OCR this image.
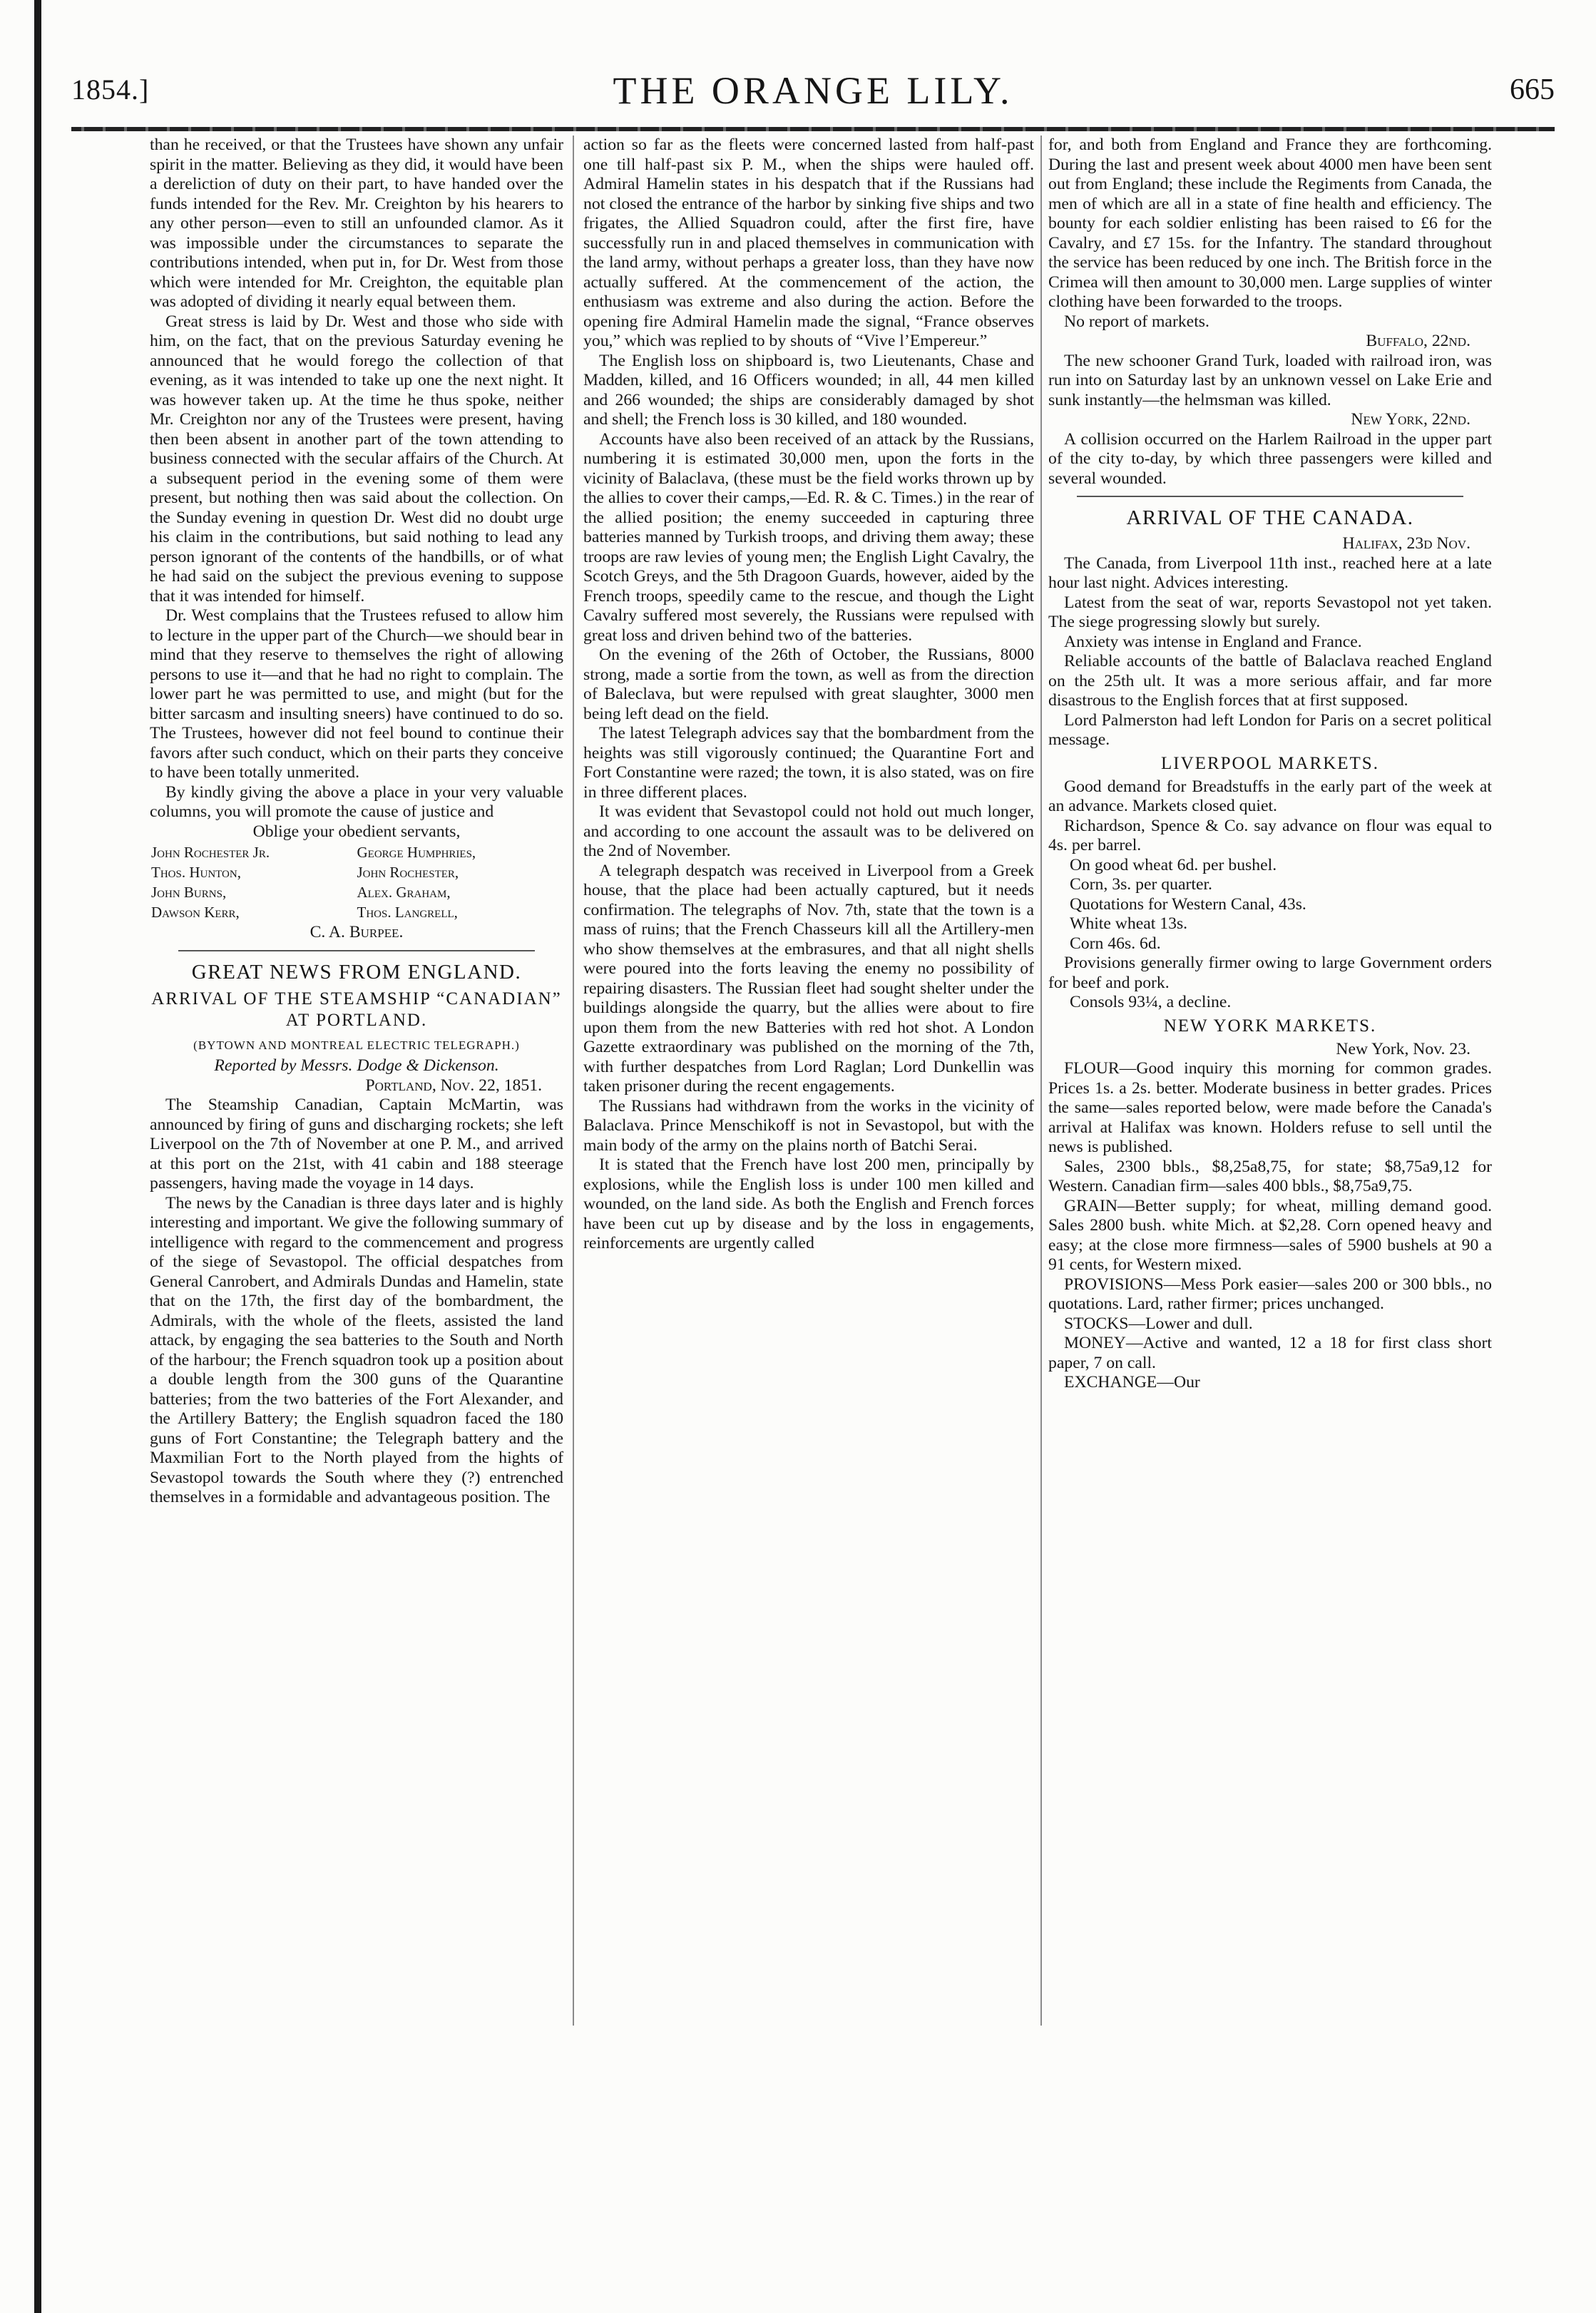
1854.]	THE ORANGE LILY.	665

than he received, or that the Trustees have shown any unfair spirit in the matter. Believing as they did, it would have been a dereliction of duty on their part, to have handed over the funds intended for the Rev. Mr. Creighton by his hearers to any other person—even to still an unfounded clamor. As it was impossible under the circumstances to separate the contributions intended, when put in, for Dr. West from those which were intended for Mr. Creighton, the equitable plan was adopted of dividing it nearly equal between them.

Great stress is laid by Dr. West and those who side with him, on the fact, that on the previous Saturday evening he announced that he would forego the collection of that evening, as it was intended to take up one the next night. It was however taken up. At the time he thus spoke, neither Mr. Creighton nor any of the Trustees were present, having then been absent in another part of the town attending to business connected with the secular affairs of the Church. At a subsequent period in the evening some of them were present, but nothing then was said about the collection. On the Sunday evening in question Dr. West did no doubt urge his claim in the contributions, but said nothing to lead any person ignorant of the contents of the handbills, or of what he had said on the subject the previous evening to suppose that it was intended for himself.

Dr. West complains that the Trustees refused to allow him to lecture in the upper part of the Church—we should bear in mind that they reserve to themselves the right of allowing persons to use it—and that he had no right to complain. The lower part he was permitted to use, and might (but for the bitter sarcasm and insulting sneers) have continued to do so. The Trustees, however did not feel bound to continue their favors after such conduct, which on their parts they conceive to have been totally unmerited.

By kindly giving the above a place in your very valuable columns, you will promote the cause of justice and

Oblige your obedient servants,

John Rochester Jr.	George Humphries,
Thos. Hunton,	John Rochester,
John Burns,	Alex. Graham,
Dawson Kerr,	Thos. Langrell,

C. A. Burpee.

GREAT NEWS FROM ENGLAND.
ARRIVAL OF THE STEAMSHIP “CANADIAN” AT PORTLAND.
(BYTOWN AND MONTREAL ELECTRIC TELEGRAPH.)

Reported by Messrs. Dodge & Dickenson.

Portland, Nov. 22, 1851.

The Steamship Canadian, Captain McMartin, was announced by firing of guns and discharging rockets; she left Liverpool on the 7th of November at one P. M., and arrived at this port on the 21st, with 41 cabin and 188 steerage passengers, having made the voyage in 14 days.

The news by the Canadian is three days later and is highly interesting and important. We give the following summary of intelligence with regard to the commencement and progress of the siege of Sevastopol. The official despatches from General Canrobert, and Admirals Dundas and Hamelin, state that on the 17th, the first day of the bombardment, the Admirals, with the whole of the fleets, assisted the land attack, by engaging the sea batteries to the South and North of the harbour; the French squadron took up a position about a double length from the 300 guns of the Quarantine batteries; from the two batteries of the Fort Alexander, and the Artillery Battery; the English squadron faced the 180 guns of Fort Constantine; the Telegraph battery and the Maxmilian Fort to the North played from the hights of Sevastopol towards the South where they (?) entrenched themselves in a formidable and advantageous position. The

action so far as the fleets were concerned lasted from half-past one till half-past six P. M., when the ships were hauled off. Admiral Hamelin states in his despatch that if the Russians had not closed the entrance of the harbor by sinking five ships and two frigates, the Allied Squadron could, after the first fire, have successfully run in and placed themselves in communication with the land army, without perhaps a greater loss, than they have now actually suffered. At the commencement of the action, the enthusiasm was extreme and also during the action. Before the opening fire Admiral Hamelin made the signal, “France observes you,” which was replied to by shouts of “Vive l’Empereur.”

The English loss on shipboard is, two Lieutenants, Chase and Madden, killed, and 16 Officers wounded; in all, 44 men killed and 266 wounded; the ships are considerably damaged by shot and shell; the French loss is 30 killed, and 180 wounded.

Accounts have also been received of an attack by the Russians, numbering it is estimated 30,000 men, upon the forts in the vicinity of Balaclava, (these must be the field works thrown up by the allies to cover their camps,—Ed. R. & C. Times.) in the rear of the allied position; the enemy succeeded in capturing three batteries manned by Turkish troops, and driving them away; these troops are raw levies of young men; the English Light Cavalry, the Scotch Greys, and the 5th Dragoon Guards, however, aided by the French troops, speedily came to the rescue, and though the Light Cavalry suffered most severely, the Russians were repulsed with great loss and driven behind two of the batteries.

On the evening of the 26th of October, the Russians, 8000 strong, made a sortie from the town, as well as from the direction of Baleclava, but were repulsed with great slaughter, 3000 men being left dead on the field.

The latest Telegraph advices say that the bombardment from the heights was still vigorously continued; the Quarantine Fort and Fort Constantine were razed; the town, it is also stated, was on fire in three different places.

It was evident that Sevastopol could not hold out much longer, and according to one account the assault was to be delivered on the 2nd of November.

A telegraph despatch was received in Liverpool from a Greek house, that the place had been actually captured, but it needs confirmation. The telegraphs of Nov. 7th, state that the town is a mass of ruins; that the French Chasseurs kill all the Artillery-men who show themselves at the embrasures, and that all night shells were poured into the forts leaving the enemy no possibility of repairing disasters. The Russian fleet had sought shelter under the buildings alongside the quarry, but the allies were about to fire upon them from the new Batteries with red hot shot. A London Gazette extraordinary was published on the morning of the 7th, with further despatches from Lord Raglan; Lord Dunkellin was taken prisoner during the recent engagements.

The Russians had withdrawn from the works in the vicinity of Balaclava. Prince Menschikoff is not in Sevastopol, but with the main body of the army on the plains north of Batchi Serai.

It is stated that the French have lost 200 men, principally by explosions, while the English loss is under 100 men killed and wounded, on the land side. As both the English and French forces have been cut up by disease and by the loss in engagements, reinforcements are urgently called

for, and both from England and France they are forthcoming. During the last and present week about 4000 men have been sent out from England; these include the Regiments from Canada, the men of which are all in a state of fine health and efficiency. The bounty for each soldier enlisting has been raised to £6 for the Cavalry, and £7 15s. for the Infantry. The standard throughout the service has been reduced by one inch. The British force in the Crimea will then amount to 30,000 men. Large supplies of winter clothing have been forwarded to the troops.

No report of markets.

Buffalo, 22nd.

The new schooner Grand Turk, loaded with railroad iron, was run into on Saturday last by an unknown vessel on Lake Erie and sunk instantly—the helmsman was killed.

New York, 22nd.

A collision occurred on the Harlem Railroad in the upper part of the city to-day, by which three passengers were killed and several wounded.

ARRIVAL OF THE CANADA.

Halifax, 23d Nov.

The Canada, from Liverpool 11th inst., reached here at a late hour last night. Advices interesting.

Latest from the seat of war, reports Sevastopol not yet taken. The siege progressing slowly but surely.

Anxiety was intense in England and France.

Reliable accounts of the battle of Balaclava reached England on the 25th ult. It was a more serious affair, and far more disastrous to the English forces that at first supposed.

Lord Palmerston had left London for Paris on a secret political message.

LIVERPOOL MARKETS.

Good demand for Breadstuffs in the early part of the week at an advance. Markets closed quiet.

Richardson, Spence & Co. say advance on flour was equal to 4s. per barrel.

On good wheat 6d. per bushel.

Corn, 3s. per quarter.

Quotations for Western Canal, 43s.

White wheat 13s.

Corn 46s. 6d.

Provisions generally firmer owing to large Government orders for beef and pork.

Consols 93¼, a decline.

NEW YORK MARKETS.

New York, Nov. 23.

FLOUR—Good inquiry this morning for common grades. Prices 1s. a 2s. better. Moderate business in better grades. Prices the same—sales reported below, were made before the Canada's arrival at Halifax was known. Holders refuse to sell until the news is published.

Sales, 2300 bbls., $8,25a8,75, for state; $8,75a9,12 for Western. Canadian firm—sales 400 bbls., $8,75a9,75.

GRAIN—Better supply; for wheat, milling demand good. Sales 2800 bush. white Mich. at $2,28. Corn opened heavy and easy; at the close more firmness—sales of 5900 bushels at 90 a 91 cents, for Western mixed.

PROVISIONS—Mess Pork easier—sales 200 or 300 bbls., no quotations. Lard, rather firmer; prices unchanged.

STOCKS—Lower and dull.

MONEY—Active and wanted, 12 a 18 for first class short paper, 7 on call.

EXCHANGE—Our
